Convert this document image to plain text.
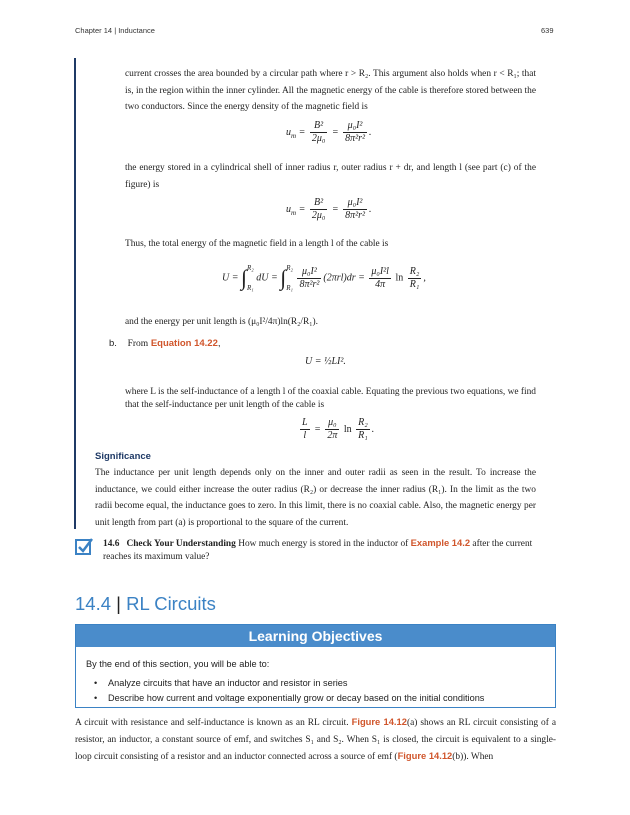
Chapter 14 | Inductance	639

current crosses the area bounded by a circular path where r > R₂. This argument also holds when r < R₁; that is, in the region within the inner cylinder. All the magnetic energy of the cable is therefore stored between the two conductors. Since the energy density of the magnetic field is

$u_m = \frac{\text{B²}}{\text{2μ₀}} = \frac{\text{μ₀I²}}{\text{8π²r²}}$ .

the energy stored in a cylindrical shell of inner radius r, outer radius r + dr, and length l (see part (c) of the figure) is

$u_m = \frac{\text{B²}}{\text{2μ₀}} = \frac{\text{μ₀I²}}{\text{8π²r²}}$ .

Thus, the total energy of the magnetic field in a length l of the cable is

U = ∫ R₂
R₁
dU = ∫ R₂
R₁
$\frac{\text{μ₀I²}}{\text{8π²r²}} (2\pi rl)dr = \frac{\text{μ₀I²l}}{4\pi}$ $\ln \frac{\text{R₂}}{\text{R₁}}$ ,

and the energy per unit length is (μ₀I²/4π)ln(R₂/R₁).

b. From Equation 14.22,
U = ½LI².

where L is the self-inductance of a length l of the coaxial cable. Equating the previous two equations, we find that the self-inductance per unit length of the cable is

$\frac{L}{l} = \frac{\text{μ₀}}{2\pi}$ $\ln \frac{\text{R₂}}{\text{R₁}}$ .
Significance

The inductance per unit length depends only on the inner and outer radii as seen in the result. To increase the inductance, we could either increase the outer radius (R₂) or decrease the inner radius (R₁). In the limit as the two radii become equal, the inductance goes to zero. In this limit, there is no coaxial cable. Also, the magnetic energy per unit length from part (a) is proportional to the square of the current.

14.6 Check Your Understanding How much energy is stored in the inductor of Example 14.2 after the current reaches its maximum value?
14.4 | RL Circuits
Learning Objectives
By the end of this section, you will be able to:
• Analyze circuits that have an inductor and resistor in series
• Describe how current and voltage exponentially grow or decay based on the initial conditions

A circuit with resistance and self-inductance is known as an RL circuit. Figure 14.12(a) shows an RL circuit consisting of a resistor, an inductor, a constant source of emf, and switches S₁ and S₂. When S₁ is closed, the circuit is equivalent to a single-loop circuit consisting of a resistor and an inductor connected across a source of emf (Figure 14.12(b)). When
